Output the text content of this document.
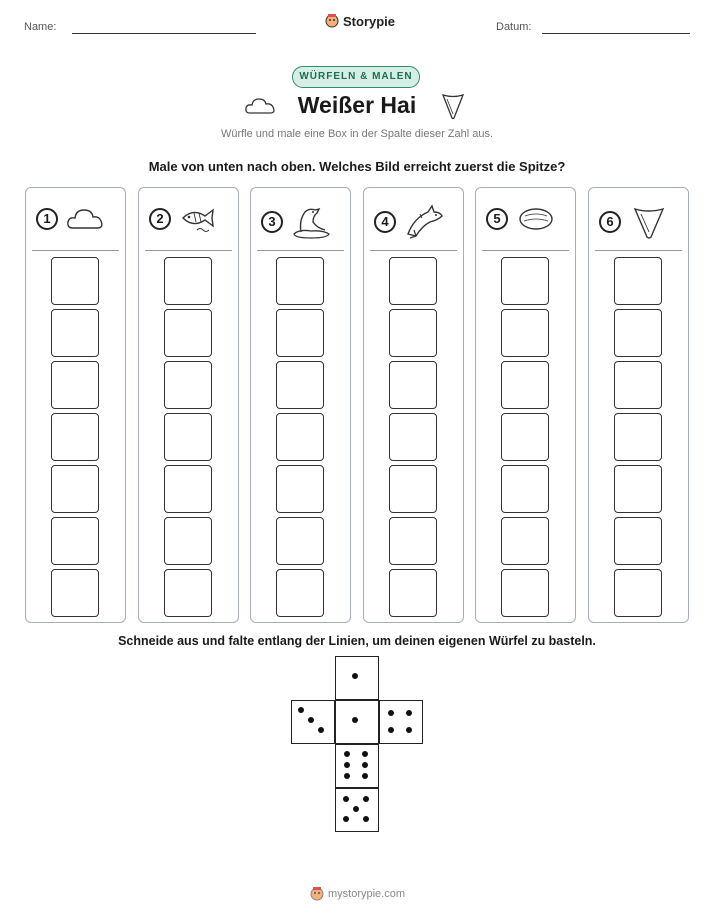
Name:	Storypie	Datum:
WÜRFELN & MALEN
Weißer Hai
Würfle und male eine Box in der Spalte dieser Zahl aus.
Male von unten nach oben. Welches Bild erreicht zuerst die Spitze?
1	2	3	4	5	6
Schneide aus und falte entlang der Linien, um deinen eigenen Würfel zu basteln.
mystorypie.com
